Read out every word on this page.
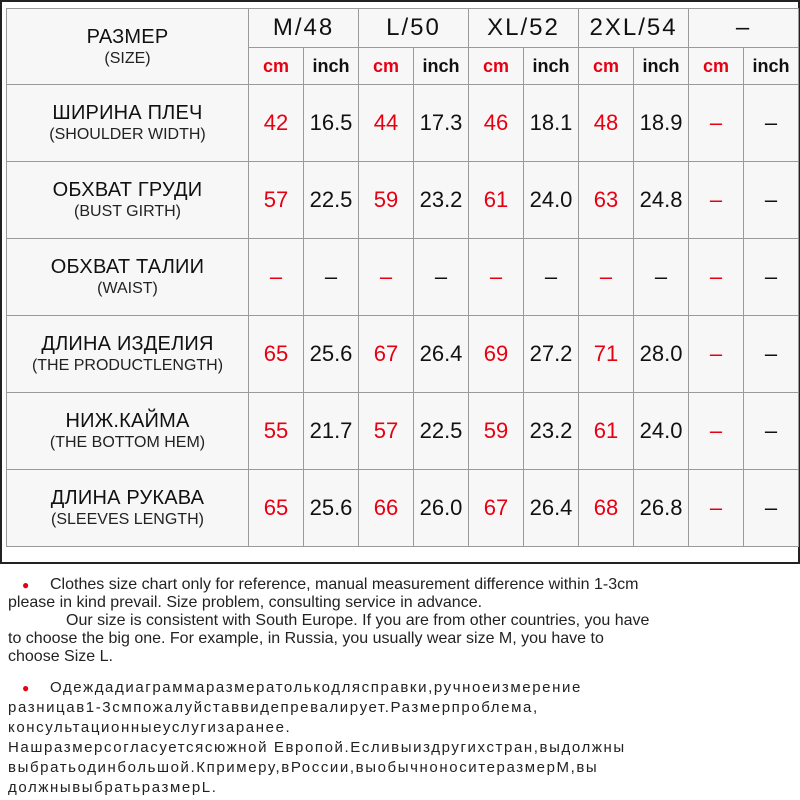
РАЗМЕР
(SIZE)	M/48		L/50		XL/52		2XL/54		–	
	cm	inch	cm	inch	cm	inch	cm	inch	cm	inch

ШИРИНА ПЛЕЧ
(SHOULDER WIDTH)	42	16.5	44	17.3	46	18.1	48	18.9	–	–

ОБХВАТ ГРУДИ
(BUST GIRTH)	57	22.5	59	23.2	61	24.0	63	24.8	–	–

ОБХВАТ ТАЛИИ
(WAIST)	–	–	–	–	–	–	–	–	–	–

ДЛИНА ИЗДЕЛИЯ
(THE PRODUCTLENGTH)	65	25.6	67	26.4	69	27.2	71	28.0	–	–

НИЖ.КАЙМА
(THE BOTTOM HEM)	55	21.7	57	22.5	59	23.2	61	24.0	–	–

ДЛИНА РУКАВА
(SLEEVES LENGTH)	65	25.6	66	26.0	67	26.4	68	26.8	–	–
● Clothes size chart only for reference, manual measurement difference within 1-3cm
please in kind prevail. Size problem, consulting service in advance.
Our size is consistent with South Europe. If you are from other countries, you have
to choose the big one. For example, in Russia, you usually wear size M, you have to
choose Size L.
● Одеждадиаграммаразмератолькодляcправки,ручноеизмерение
разницав1-3cмпожалуйставвидепревалирует.Размерпроблема,
консультационныеуслугизаранее.
Нашразмерсогласуетсясюжной Европой.Есливыиздругихстран,выдолжны
выбратьодинбольшой.Кпримеру,вРоссии,выобычноноситеразмерM,вы
должнывыбратьразмерL.
